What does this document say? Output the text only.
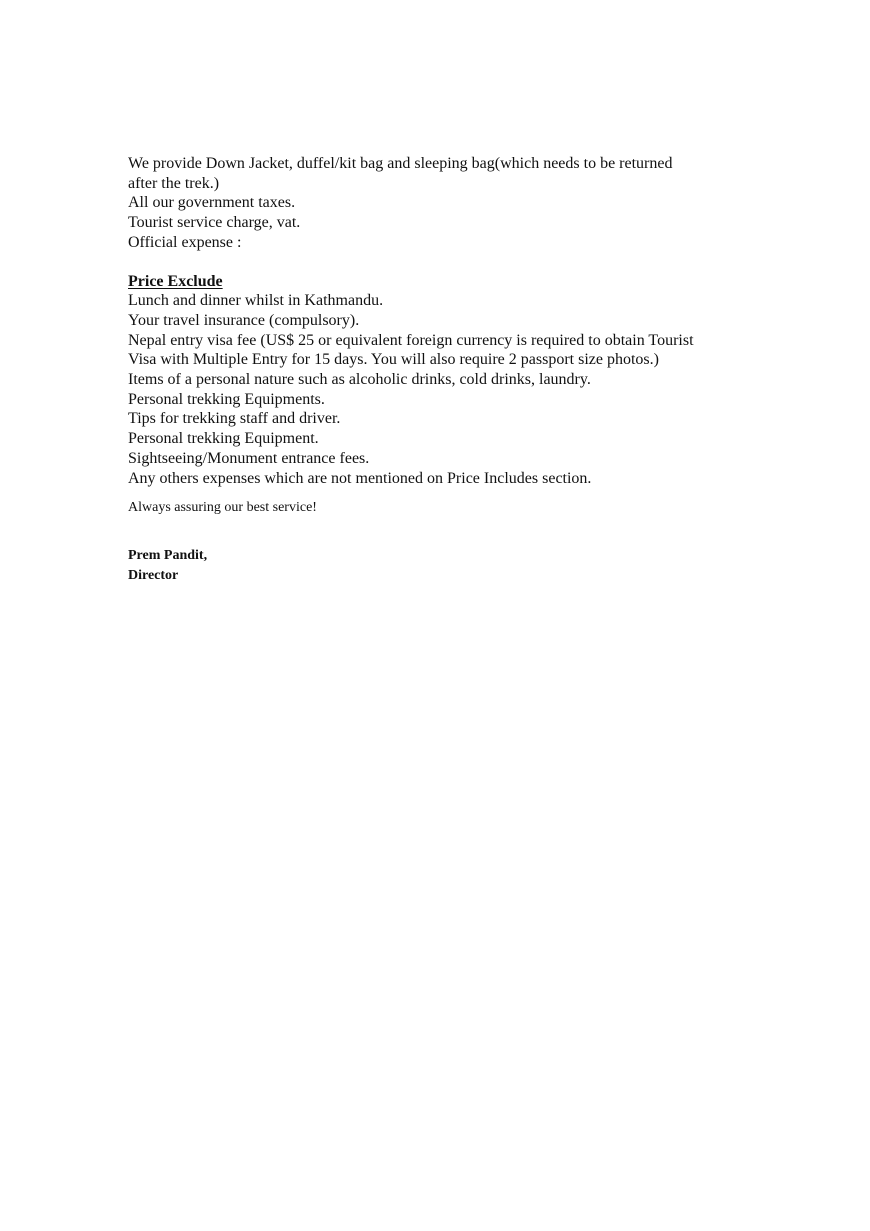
We provide Down Jacket, duffel/kit bag and sleeping bag(which needs to be returned
after the trek.)
All our government taxes.
Tourist service charge, vat.
Official expense :
Price Exclude
Lunch and dinner whilst in Kathmandu.
Your travel insurance (compulsory).
Nepal entry visa fee (US$ 25 or equivalent foreign currency is required to obtain Tourist
Visa with Multiple Entry for 15 days. You will also require 2 passport size photos.)
Items of a personal nature such as alcoholic drinks, cold drinks, laundry.
Personal trekking Equipments.
Tips for trekking staff and driver.
Personal trekking Equipment.
Sightseeing/Monument entrance fees.
Any others expenses which are not mentioned on Price Includes section.
Always assuring our best service!
Prem Pandit,
Director
